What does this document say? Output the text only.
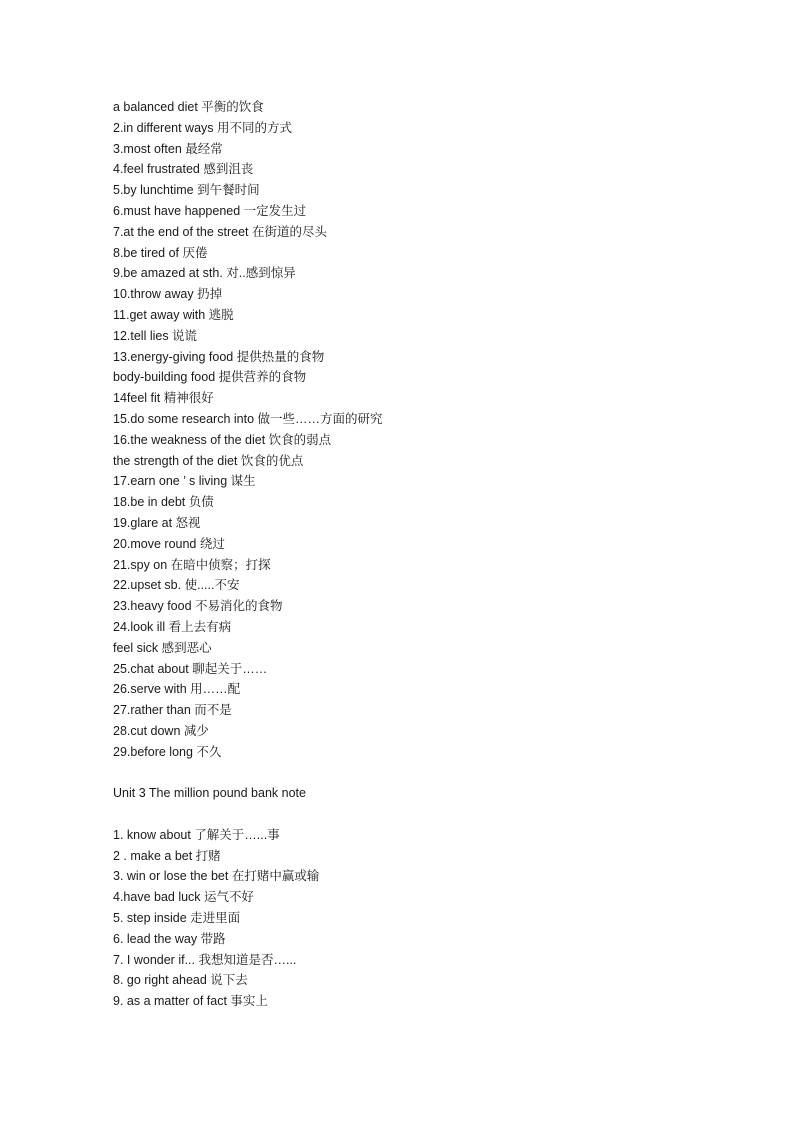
a balanced diet 平衡的饮食
2.in different ways 用不同的方式
3.most often 最经常
4.feel frustrated 感到沮丧
5.by lunchtime 到午餐时间
6.must have happened 一定发生过
7.at the end of the street 在街道的尽头
8.be tired of 厌倦
9.be amazed at sth. 对..感到惊异
10.throw away 扔掉
11.get away with 逃脱
12.tell lies 说谎
13.energy-giving food 提供热量的食物
body-building food 提供营养的食物
14feel fit 精神很好
15.do some research into 做一些……方面的研究
16.the weakness of the diet 饮食的弱点
the strength of the diet 饮食的优点
17.earn one ’ s living 谋生
18.be in debt 负债
19.glare at 怒视
20.move round 绕过
21.spy on 在暗中侦察；打探
22.upset sb. 使.....不安
23.heavy food 不易消化的食物
24.look ill 看上去有病
feel sick 感到恶心
25.chat about 聊起关于……
26.serve with 用……配
27.rather than 而不是
28.cut down 减少
29.before long 不久
Unit 3 The million pound bank note
1. know about 了解关于…...事
2 . make a bet 打赌
3. win or lose the bet 在打赌中赢或输
4.have bad luck 运气不好
5. step inside 走进里面
6. lead the way 带路
7. I wonder if... 我想知道是否…...
8. go right ahead 说下去
9. as a matter of fact 事实上
